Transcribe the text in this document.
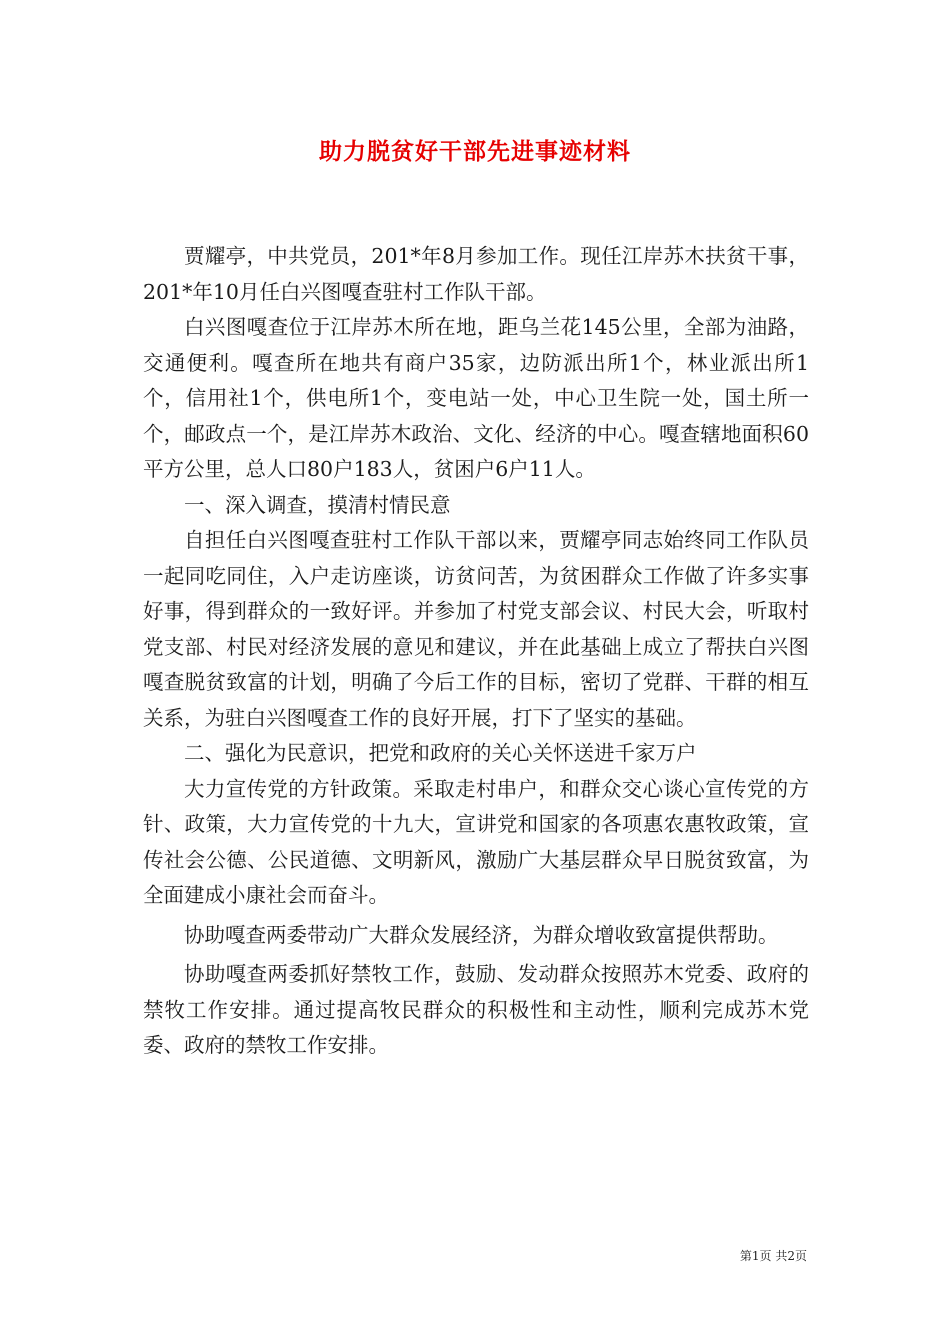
助力脱贫好干部先进事迹材料

贾耀亭，中共党员，201*年8月参加工作。现任江岸苏木扶贫干事，201*年10月任白兴图嘎查驻村工作队干部。

白兴图嘎查位于江岸苏木所在地，距乌兰花145公里，全部为油路，交通便利。嘎查所在地共有商户35家，边防派出所1个，林业派出所1个，信用社1个，供电所1个，变电站一处，中心卫生院一处，国土所一个，邮政点一个，是江岸苏木政治、文化、经济的中心。嘎查辖地面积60平方公里，总人口80户183人，贫困户6户11人。

一、深入调查，摸清村情民意

自担任白兴图嘎查驻村工作队干部以来，贾耀亭同志始终同工作队员一起同吃同住，入户走访座谈，访贫问苦，为贫困群众工作做了许多实事好事，得到群众的一致好评。并参加了村党支部会议、村民大会，听取村党支部、村民对经济发展的意见和建议，并在此基础上成立了帮扶白兴图嘎查脱贫致富的计划，明确了今后工作的目标，密切了党群、干群的相互关系，为驻白兴图嘎查工作的良好开展，打下了坚实的基础。

二、强化为民意识，把党和政府的关心关怀送进千家万户

大力宣传党的方针政策。采取走村串户，和群众交心谈心宣传党的方针、政策，大力宣传党的十九大，宣讲党和国家的各项惠农惠牧政策，宣传社会公德、公民道德、文明新风，激励广大基层群众早日脱贫致富，为全面建成小康社会而奋斗。

协助嘎查两委带动广大群众发展经济，为群众增收致富提供帮助。

协助嘎查两委抓好禁牧工作，鼓励、发动群众按照苏木党委、政府的禁牧工作安排。通过提高牧民群众的积极性和主动性，顺利完成苏木党委、政府的禁牧工作安排。

第1页 共2页
